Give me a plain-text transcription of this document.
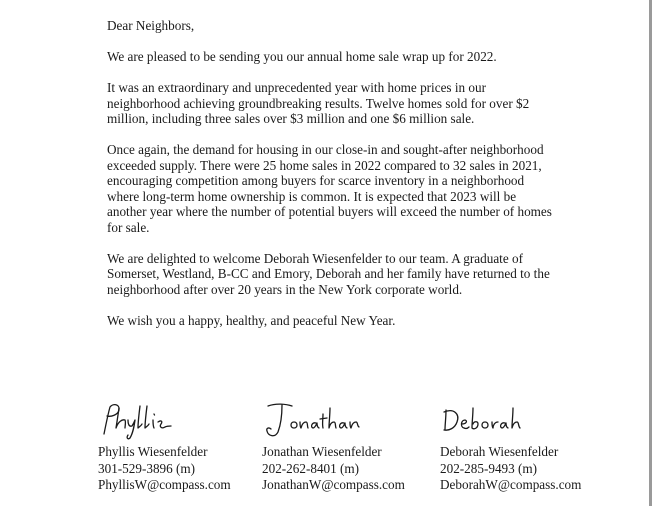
Dear Neighbors,

We are pleased to be sending you our annual home sale wrap up for 2022.

It was an extraordinary and unprecedented year with home prices in our neighborhood achieving groundbreaking results. Twelve homes sold for over $2 million, including three sales over $3 million and one $6 million sale.

Once again, the demand for housing in our close-in and sought-after neighborhood exceeded supply. There were 25 home sales in 2022 compared to 32 sales in 2021, encouraging competition among buyers for scarce inventory in a neighborhood where long-term home ownership is common. It is expected that 2023 will be another year where the number of potential buyers will exceed the number of homes for sale.

We are delighted to welcome Deborah Wiesenfelder to our team. A graduate of Somerset, Westland, B-CC and Emory, Deborah and her family have returned to the neighborhood after over 20 years in the New York corporate world.

We wish you a happy, healthy, and peaceful New Year.

Phyllis Wiesenfelder
301-529-3896 (m)
PhyllisW@compass.com
Jonathan Wiesenfelder
202-262-8401 (m)
JonathanW@compass.com
Deborah Wiesenfelder
202-285-9493 (m)
DeborahW@compass.com
